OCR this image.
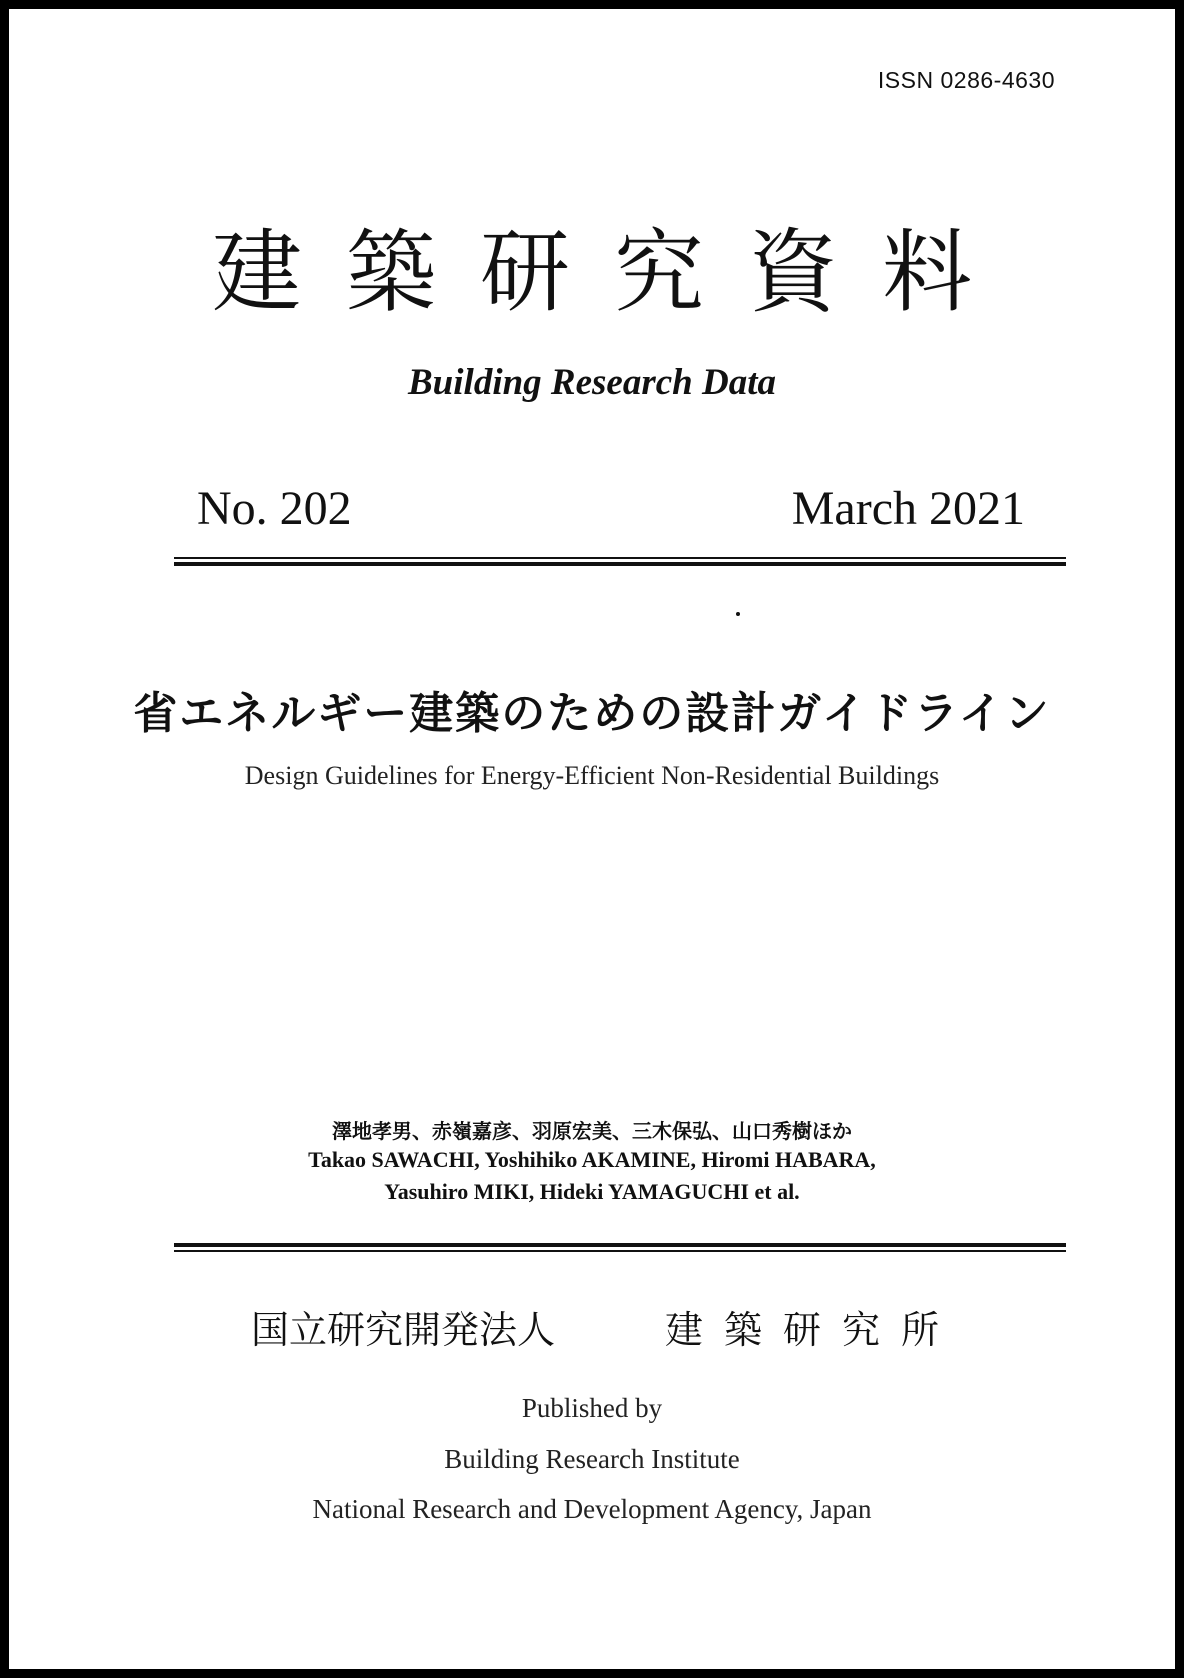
ISSN 0286-4630
建築研究資料
Building Research Data
No. 202	March 2021
省エネルギー建築のための設計ガイドライン
Design Guidelines for Energy-Efficient Non-Residential Buildings
澤地孝男、赤嶺嘉彦、羽原宏美、三木保弘、山口秀樹ほか
Takao SAWACHI, Yoshihiko AKAMINE, Hiromi HABARA,
Yasuhiro MIKI, Hideki YAMAGUCHI et al.
国立研究開発法人	建築研究所
Published by
Building Research Institute
National Research and Development Agency, Japan
